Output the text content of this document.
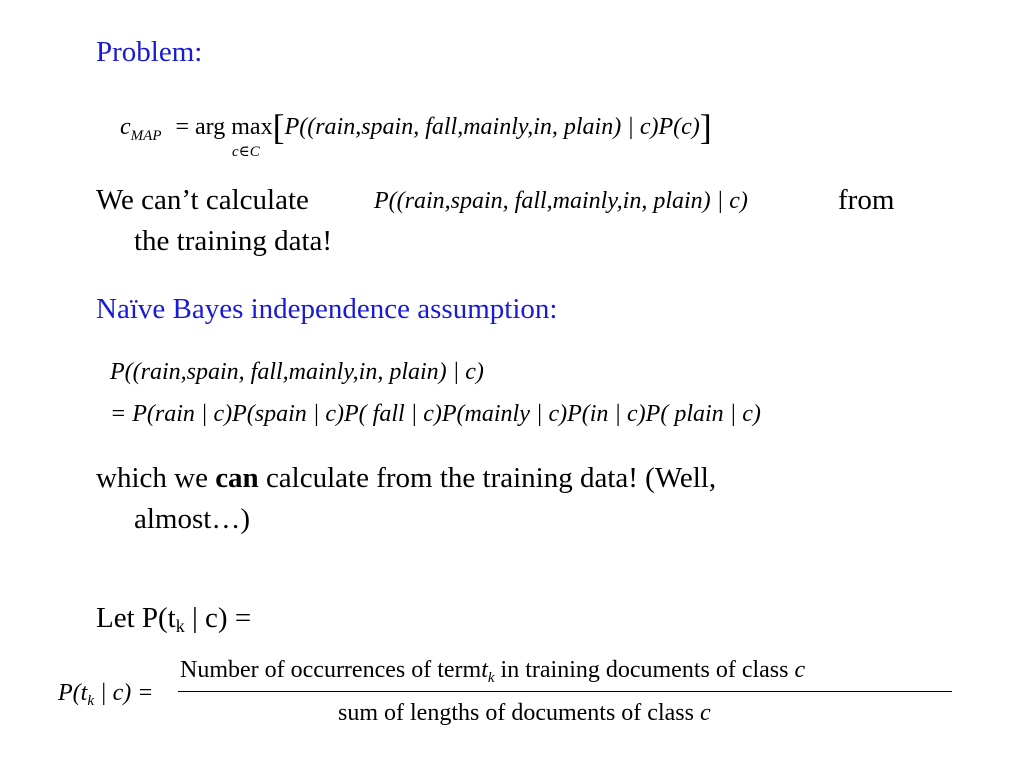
Problem:
$c_{MAP}$ = arg max[P((rain,spain, fall,mainly,in, plain) | c)P(c)]
c∈C
We can’t calculate	P((rain,spain, fall,mainly,in, plain) | c)	from
the training data!
Naïve Bayes independence assumption:
P((rain,spain, fall,mainly,in, plain) | c)
= P(rain | c)P(spain | c)P( fall | c)P(mainly | c)P(in | c)P( plain | c)
which we can calculate from the training data! (Well,
almost…)
Let $P(t_k$ | c) =
$P(t_k$ | c) =
Number of occurrences of termt$_k$ in training documents of class c
sum of lengths of documents of class c
